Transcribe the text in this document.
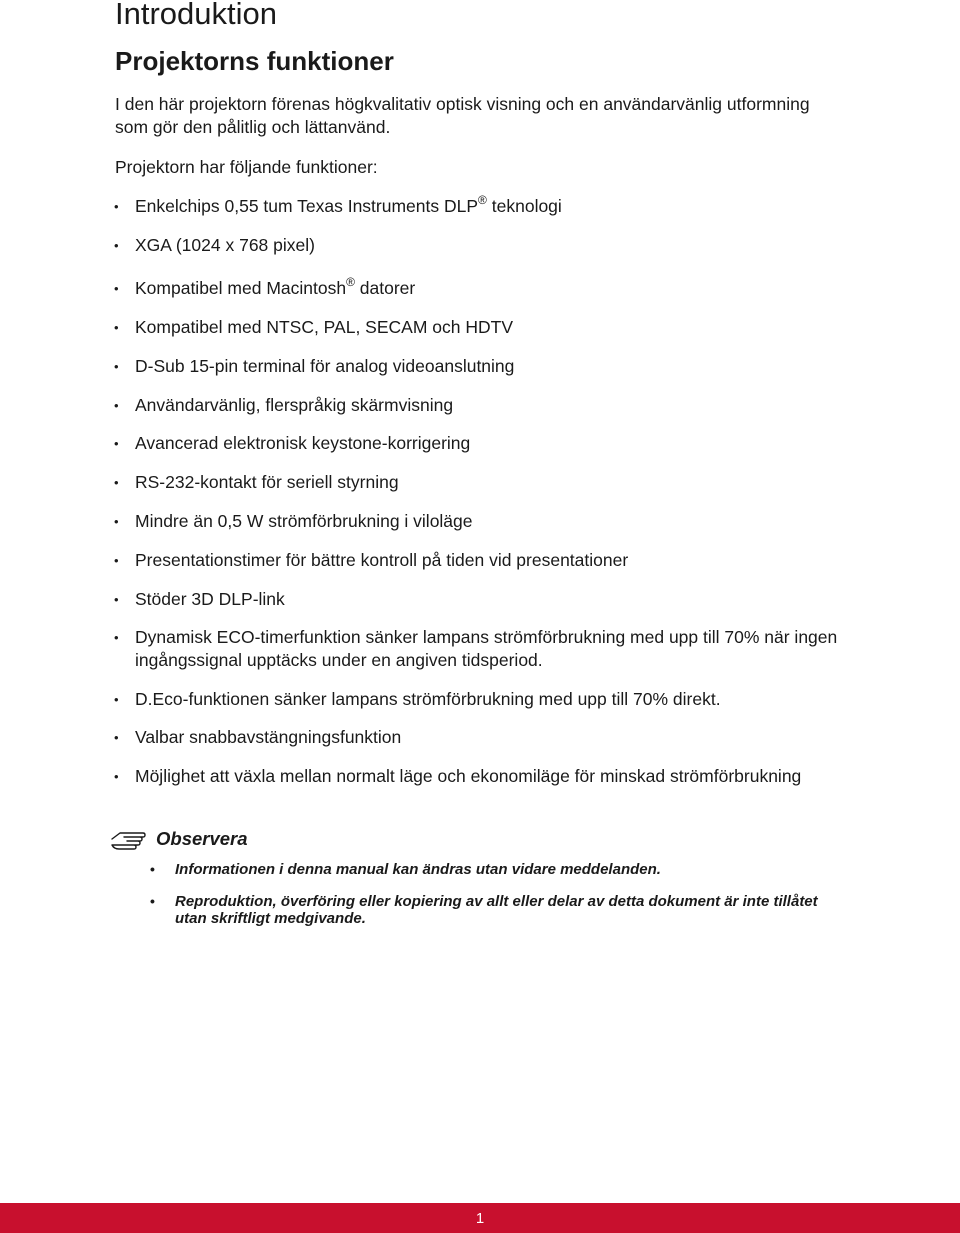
Introduktion
Projektorns funktioner

I den här projektorn förenas högkvalitativ optisk visning och en användarvänlig utformning som gör den pålitlig och lättanvänd.

Projektorn har följande funktioner:

• Enkelchips 0,55 tum Texas Instruments DLP® teknologi
• XGA (1024 x 768 pixel)
• Kompatibel med Macintosh® datorer
• Kompatibel med NTSC, PAL, SECAM och HDTV
• D-Sub 15-pin terminal för analog videoanslutning
• Användarvänlig, flerspråkig skärmvisning
• Avancerad elektronisk keystone-korrigering
• RS-232-kontakt för seriell styrning
• Mindre än 0,5 W strömförbrukning i viloläge
• Presentationstimer för bättre kontroll på tiden vid presentationer
• Stöder 3D DLP-link
• Dynamisk ECO-timerfunktion sänker lampans strömförbrukning med upp till 70% när ingen ingångssignal upptäcks under en angiven tidsperiod.
• D.Eco-funktionen sänker lampans strömförbrukning med upp till 70% direkt.
• Valbar snabbavstängningsfunktion
• Möjlighet att växla mellan normalt läge och ekonomiläge för minskad strömförbrukning
Observera
• Informationen i denna manual kan ändras utan vidare meddelanden.
• Reproduktion, överföring eller kopiering av allt eller delar av detta dokument är inte tillåtet utan skriftligt medgivande.
1
